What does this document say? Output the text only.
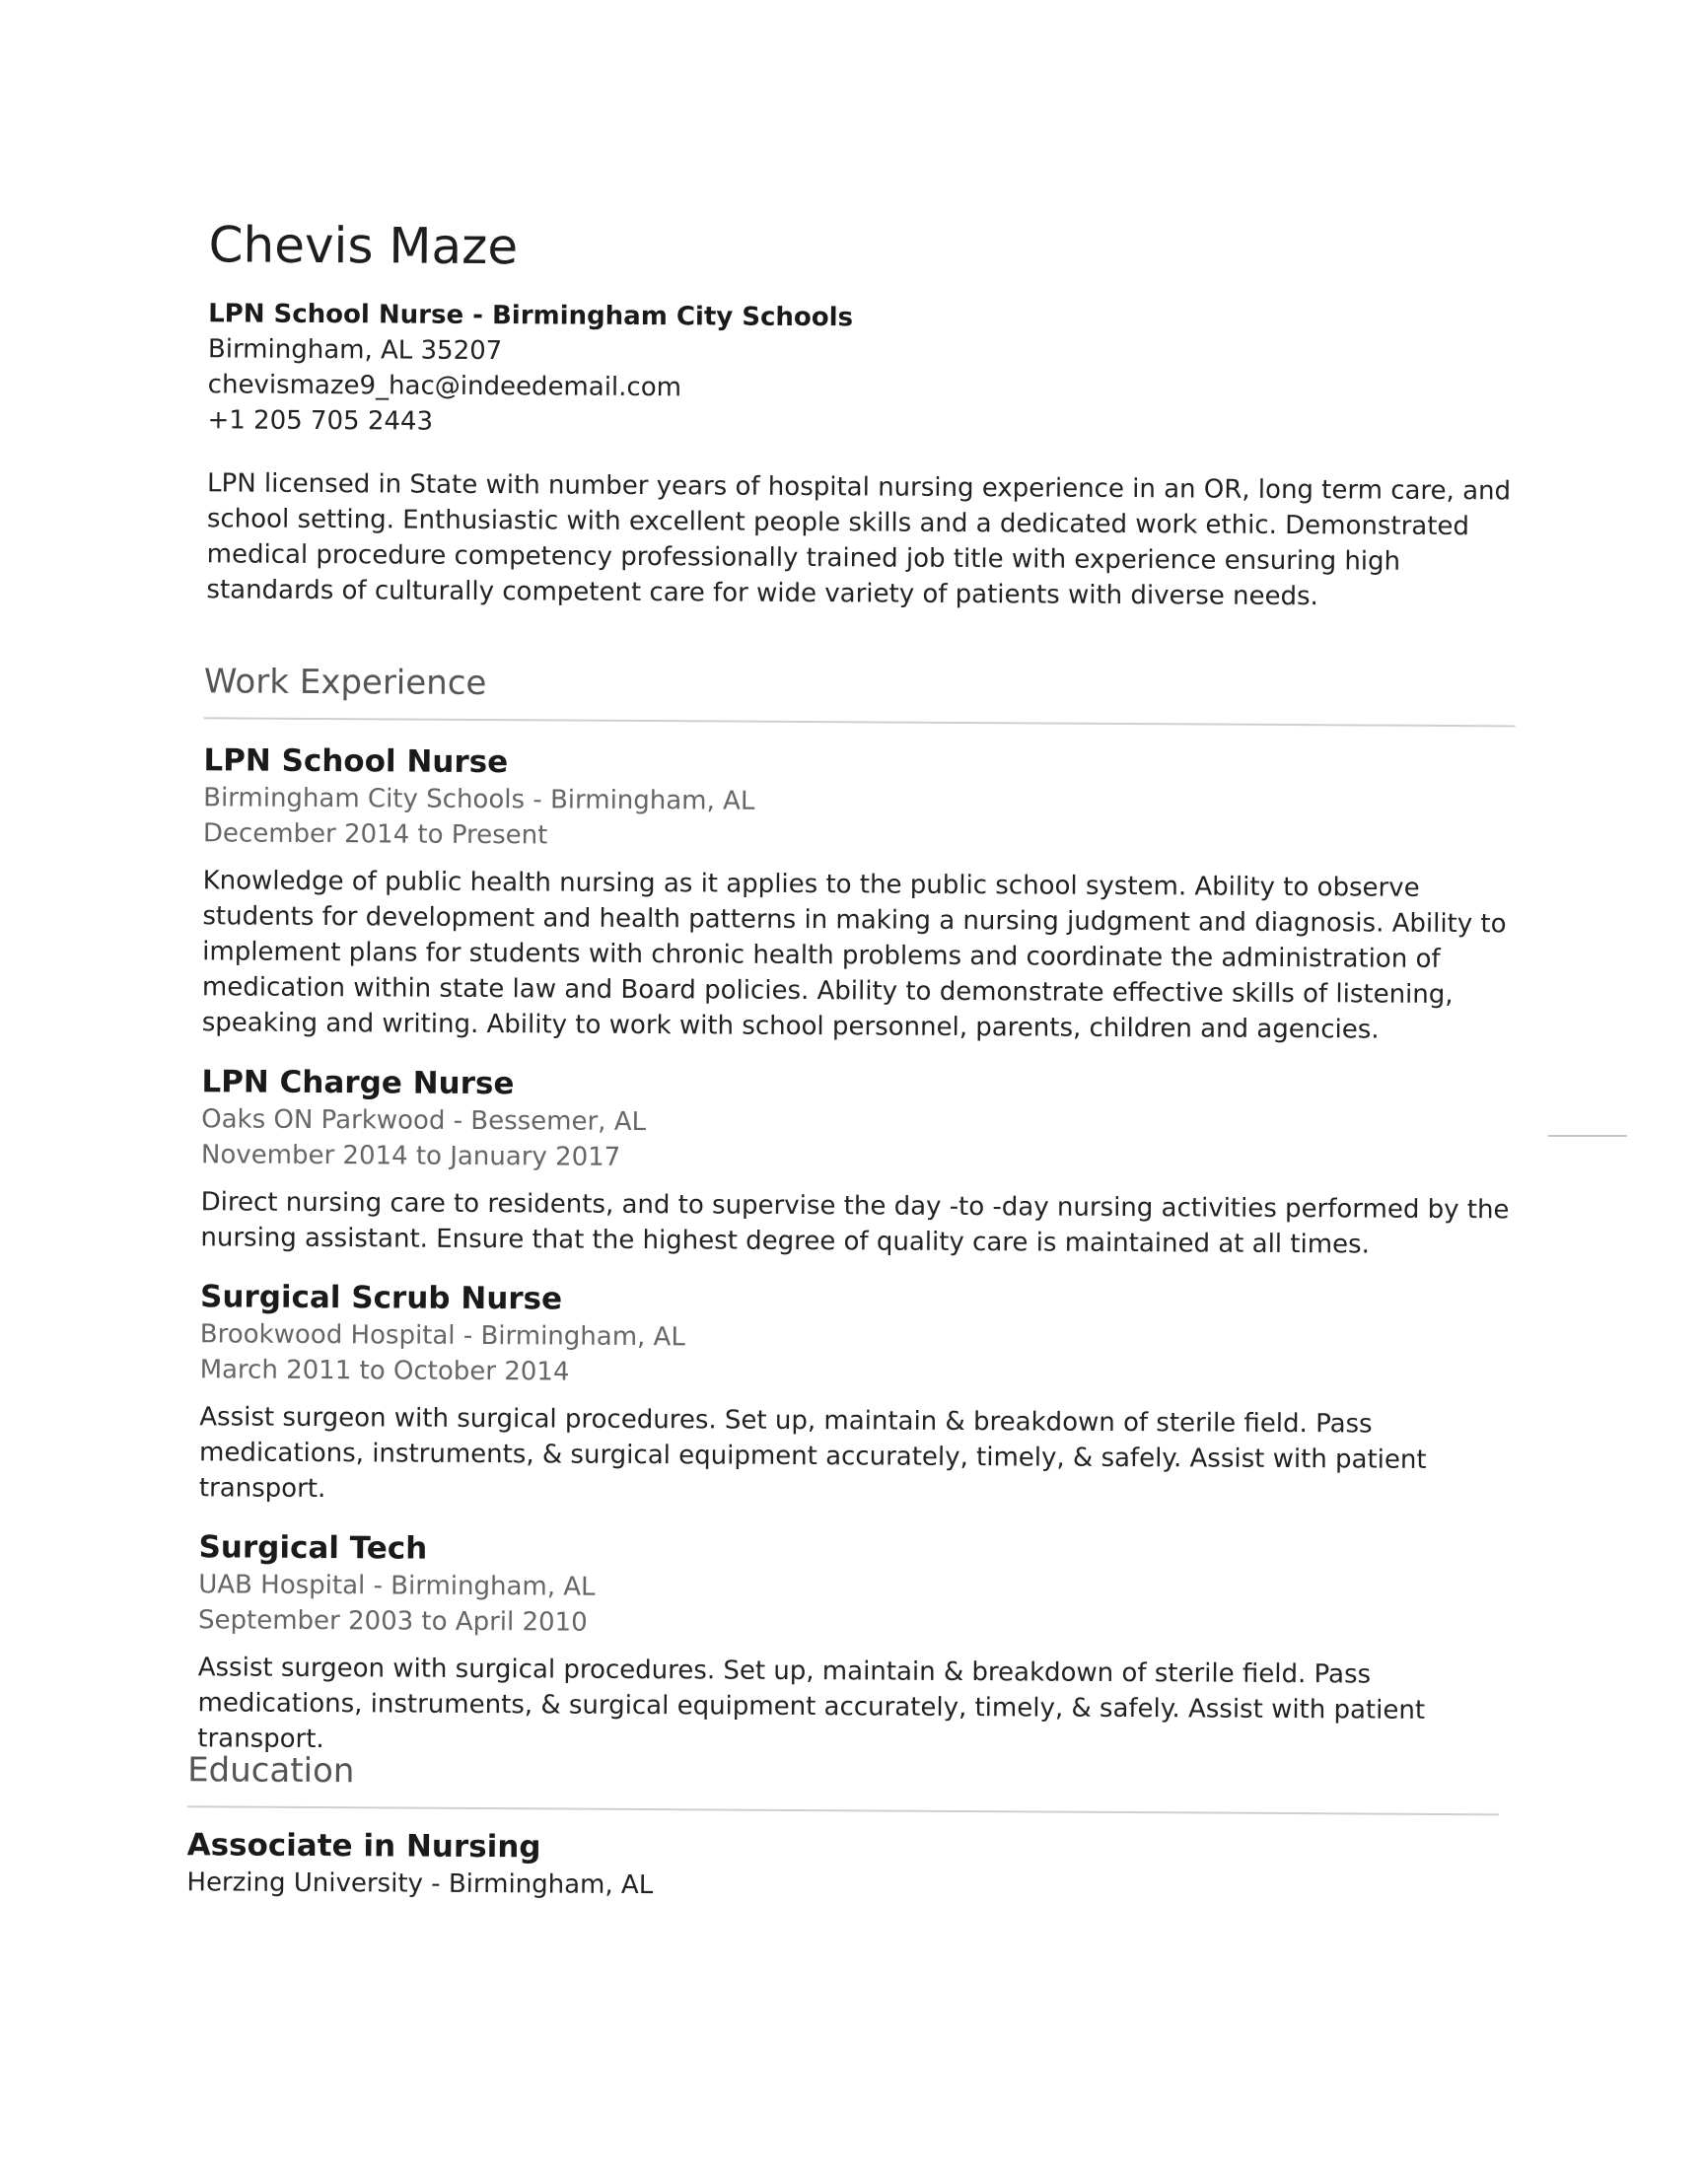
Chevis Maze
LPN School Nurse - Birmingham City Schools
Birmingham, AL 35207
chevismaze9_hac@indeedemail.com
+1 205 705 2443
LPN licensed in State with number years of hospital nursing experience in an OR, long term care, and school setting. Enthusiastic with excellent people skills and a dedicated work ethic. Demonstrated medical procedure competency professionally trained job title with experience ensuring high standards of culturally competent care for wide variety of patients with diverse needs.
Work Experience
LPN School Nurse
Birmingham City Schools - Birmingham, AL
December 2014 to Present
Knowledge of public health nursing as it applies to the public school system. Ability to observe students for development and health patterns in making a nursing judgment and diagnosis. Ability to implement plans for students with chronic health problems and coordinate the administration of medication within state law and Board policies. Ability to demonstrate effective skills of listening, speaking and writing. Ability to work with school personnel, parents, children and agencies.
LPN Charge Nurse
Oaks ON Parkwood - Bessemer, AL
November 2014 to January 2017
Direct nursing care to residents, and to supervise the day -to -day nursing activities performed by the nursing assistant. Ensure that the highest degree of quality care is maintained at all times.
Surgical Scrub Nurse
Brookwood Hospital - Birmingham, AL
March 2011 to October 2014
Assist surgeon with surgical procedures. Set up, maintain & breakdown of sterile field. Pass medications, instruments, & surgical equipment accurately, timely, & safely. Assist with patient transport.
Surgical Tech
UAB Hospital - Birmingham, AL
September 2003 to April 2010
Assist surgeon with surgical procedures. Set up, maintain & breakdown of sterile field. Pass medications, instruments, & surgical equipment accurately, timely, & safely. Assist with patient transport.
Education
Associate in Nursing
Herzing University - Birmingham, AL
